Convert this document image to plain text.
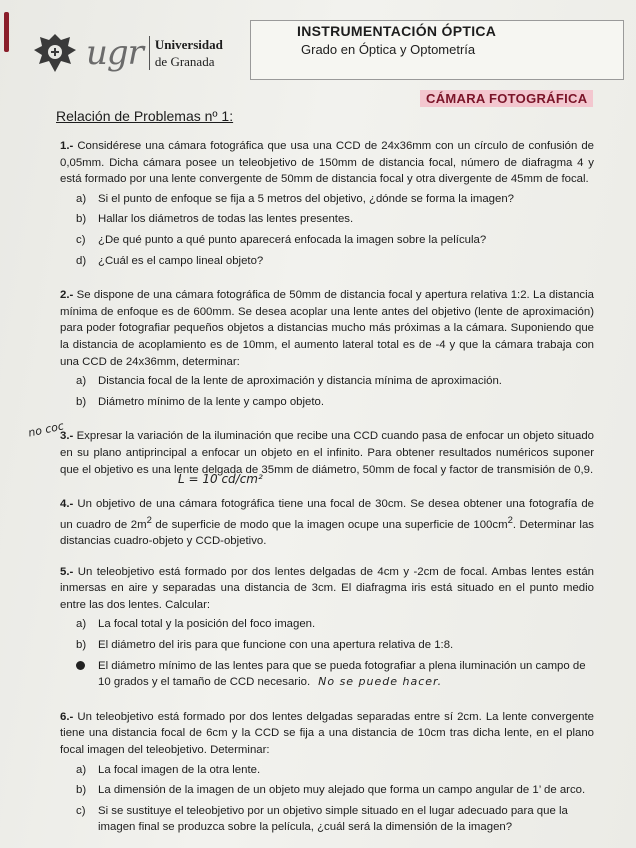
ugr Universidad
de Granada
INSTRUMENTACIÓN ÓPTICA
Grado en Óptica y Optometría
Relación de Problemas nº 1:
CÁMARA FOTOGRÁFICA
no coc
L = 10 cd/cm²

1.- Considérese una cámara fotográfica que usa una CCD de 24x36mm con un círculo de confusión de 0,05mm. Dicha cámara posee un teleobjetivo de 150mm de distancia focal, número de diafragma 4 y está formado por una lente convergente de 50mm de distancia focal y otra divergente de 45mm de focal.

a)	Si el punto de enfoque se fija a 5 metros del objetivo, ¿dónde se forma la imagen?
b)	Hallar los diámetros de todas las lentes presentes.
c)	¿De qué punto a qué punto aparecerá enfocada la imagen sobre la película?
d)	¿Cuál es el campo lineal objeto?

2.- Se dispone de una cámara fotográfica de 50mm de distancia focal y apertura relativa 1:2. La distancia mínima de enfoque es de 600mm. Se desea acoplar una lente antes del objetivo (lente de aproximación) para poder fotografiar pequeños objetos a distancias mucho más próximas a la cámara. Suponiendo que la distancia de acoplamiento es de 10mm, el aumento lateral total es de -4 y que la cámara trabaja con una CCD de 24x36mm, determinar:

a)	Distancia focal de la lente de aproximación y distancia mínima de aproximación.
b)	Diámetro mínimo de la lente y campo objeto.

3.- Expresar la variación de la iluminación que recibe una CCD cuando pasa de enfocar un objeto situado en su plano antiprincipal a enfocar un objeto en el infinito. Para obtener resultados numéricos suponer que el objetivo es una lente delgada de 35mm de diámetro, 50mm de focal y factor de transmisión de 0,9.

4.- Un objetivo de una cámara fotográfica tiene una focal de 30cm. Se desea obtener una fotografía de un cuadro de $2m^2$ de superficie de modo que la imagen ocupe una superficie de $100cm^2$. Determinar las distancias cuadro-objeto y CCD-objetivo.

5.- Un teleobjetivo está formado por dos lentes delgadas de 4cm y -2cm de focal. Ambas lentes están inmersas en aire y separadas una distancia de 3cm. El diafragma iris está situado en el punto medio entre las dos lentes. Calcular:

a)	La focal total y la posición del foco imagen.
b)	El diámetro del iris para que funcione con una apertura relativa de 1:8.
El diámetro mínimo de las lentes para que se pueda fotografiar a plena iluminación un campo de 10 grados y el tamaño de CCD necesario. No se puede hacer.

6.- Un teleobjetivo está formado por dos lentes delgadas separadas entre sí 2cm. La lente convergente tiene una distancia focal de 6cm y la CCD se fija a una distancia de 10cm tras dicha lente, en el plano focal imagen del teleobjetivo. Determinar:

a)	La focal imagen de la otra lente.
b)	La dimensión de la imagen de un objeto muy alejado que forma un campo angular de 1’ de arco.
c)	Si se sustituye el teleobjetivo por un objetivo simple situado en el lugar adecuado para que la imagen final se produzca sobre la película, ¿cuál será la dimensión de la imagen?
